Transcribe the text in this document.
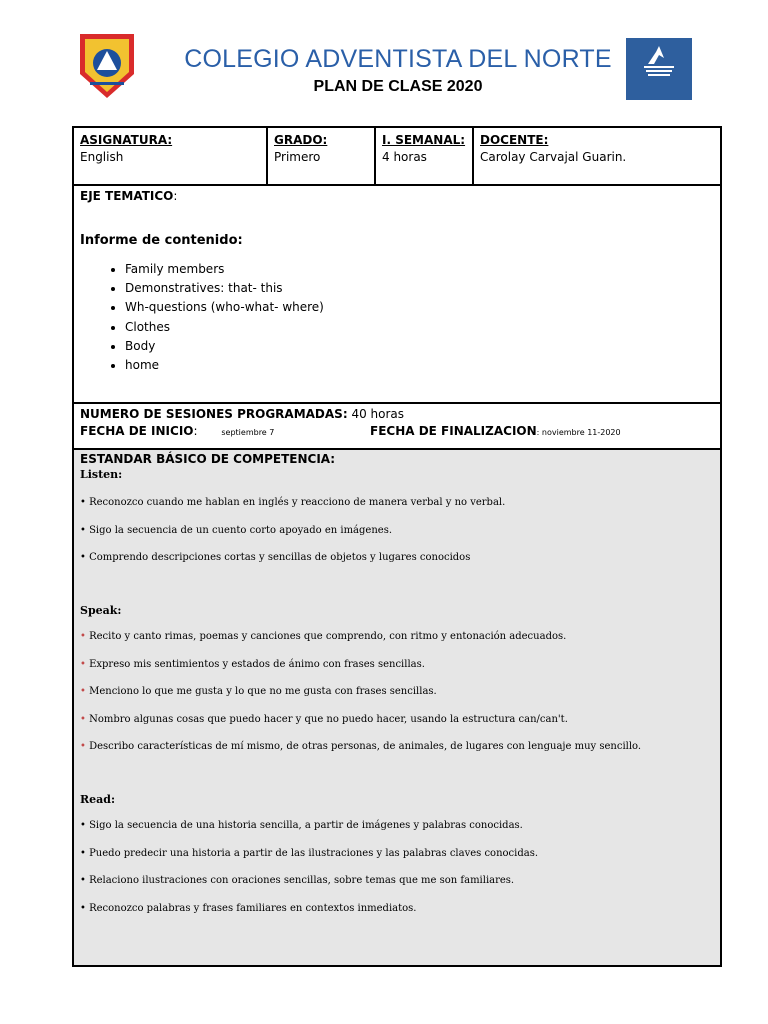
COLEGIO ADVENTISTA DEL NORTE
PLAN DE CLASE 2020
ASIGNATURA:
English
GRADO:
Primero
I. SEMANAL:
4 horas
DOCENTE:
Carolay Carvajal Guarin.
EJE TEMATICO:
Informe de contenido:
• Family members
• Demonstratives: that- this
• Wh-questions (who-what- where)
• Clothes
• Body
• home
NUMERO DE SESIONES PROGRAMADAS: 40 horas
FECHA DE INICIO:	septiembre 7	FECHA DE FINALIZACION: noviembre 11-2020
ESTANDAR BÁSICO DE COMPETENCIA:
Listen:

• Reconozco cuando me hablan en inglés y reacciono de manera verbal y no verbal.

• Sigo la secuencia de un cuento corto apoyado en imágenes.

• Comprendo descripciones cortas y sencillas de objetos y lugares conocidos

Speak:

• Recito y canto rimas, poemas y canciones que comprendo, con ritmo y entonación adecuados.

• Expreso mis sentimientos y estados de ánimo con frases sencillas.

• Menciono lo que me gusta y lo que no me gusta con frases sencillas.

• Nombro algunas cosas que puedo hacer y que no puedo hacer, usando la estructura can/can't.

• Describo características de mí mismo, de otras personas, de animales, de lugares con lenguaje muy sencillo.

Read:

• Sigo la secuencia de una historia sencilla, a partir de imágenes y palabras conocidas.

• Puedo predecir una historia a partir de las ilustraciones y las palabras claves conocidas.

• Relaciono ilustraciones con oraciones sencillas, sobre temas que me son familiares.

• Reconozco palabras y frases familiares en contextos inmediatos.
